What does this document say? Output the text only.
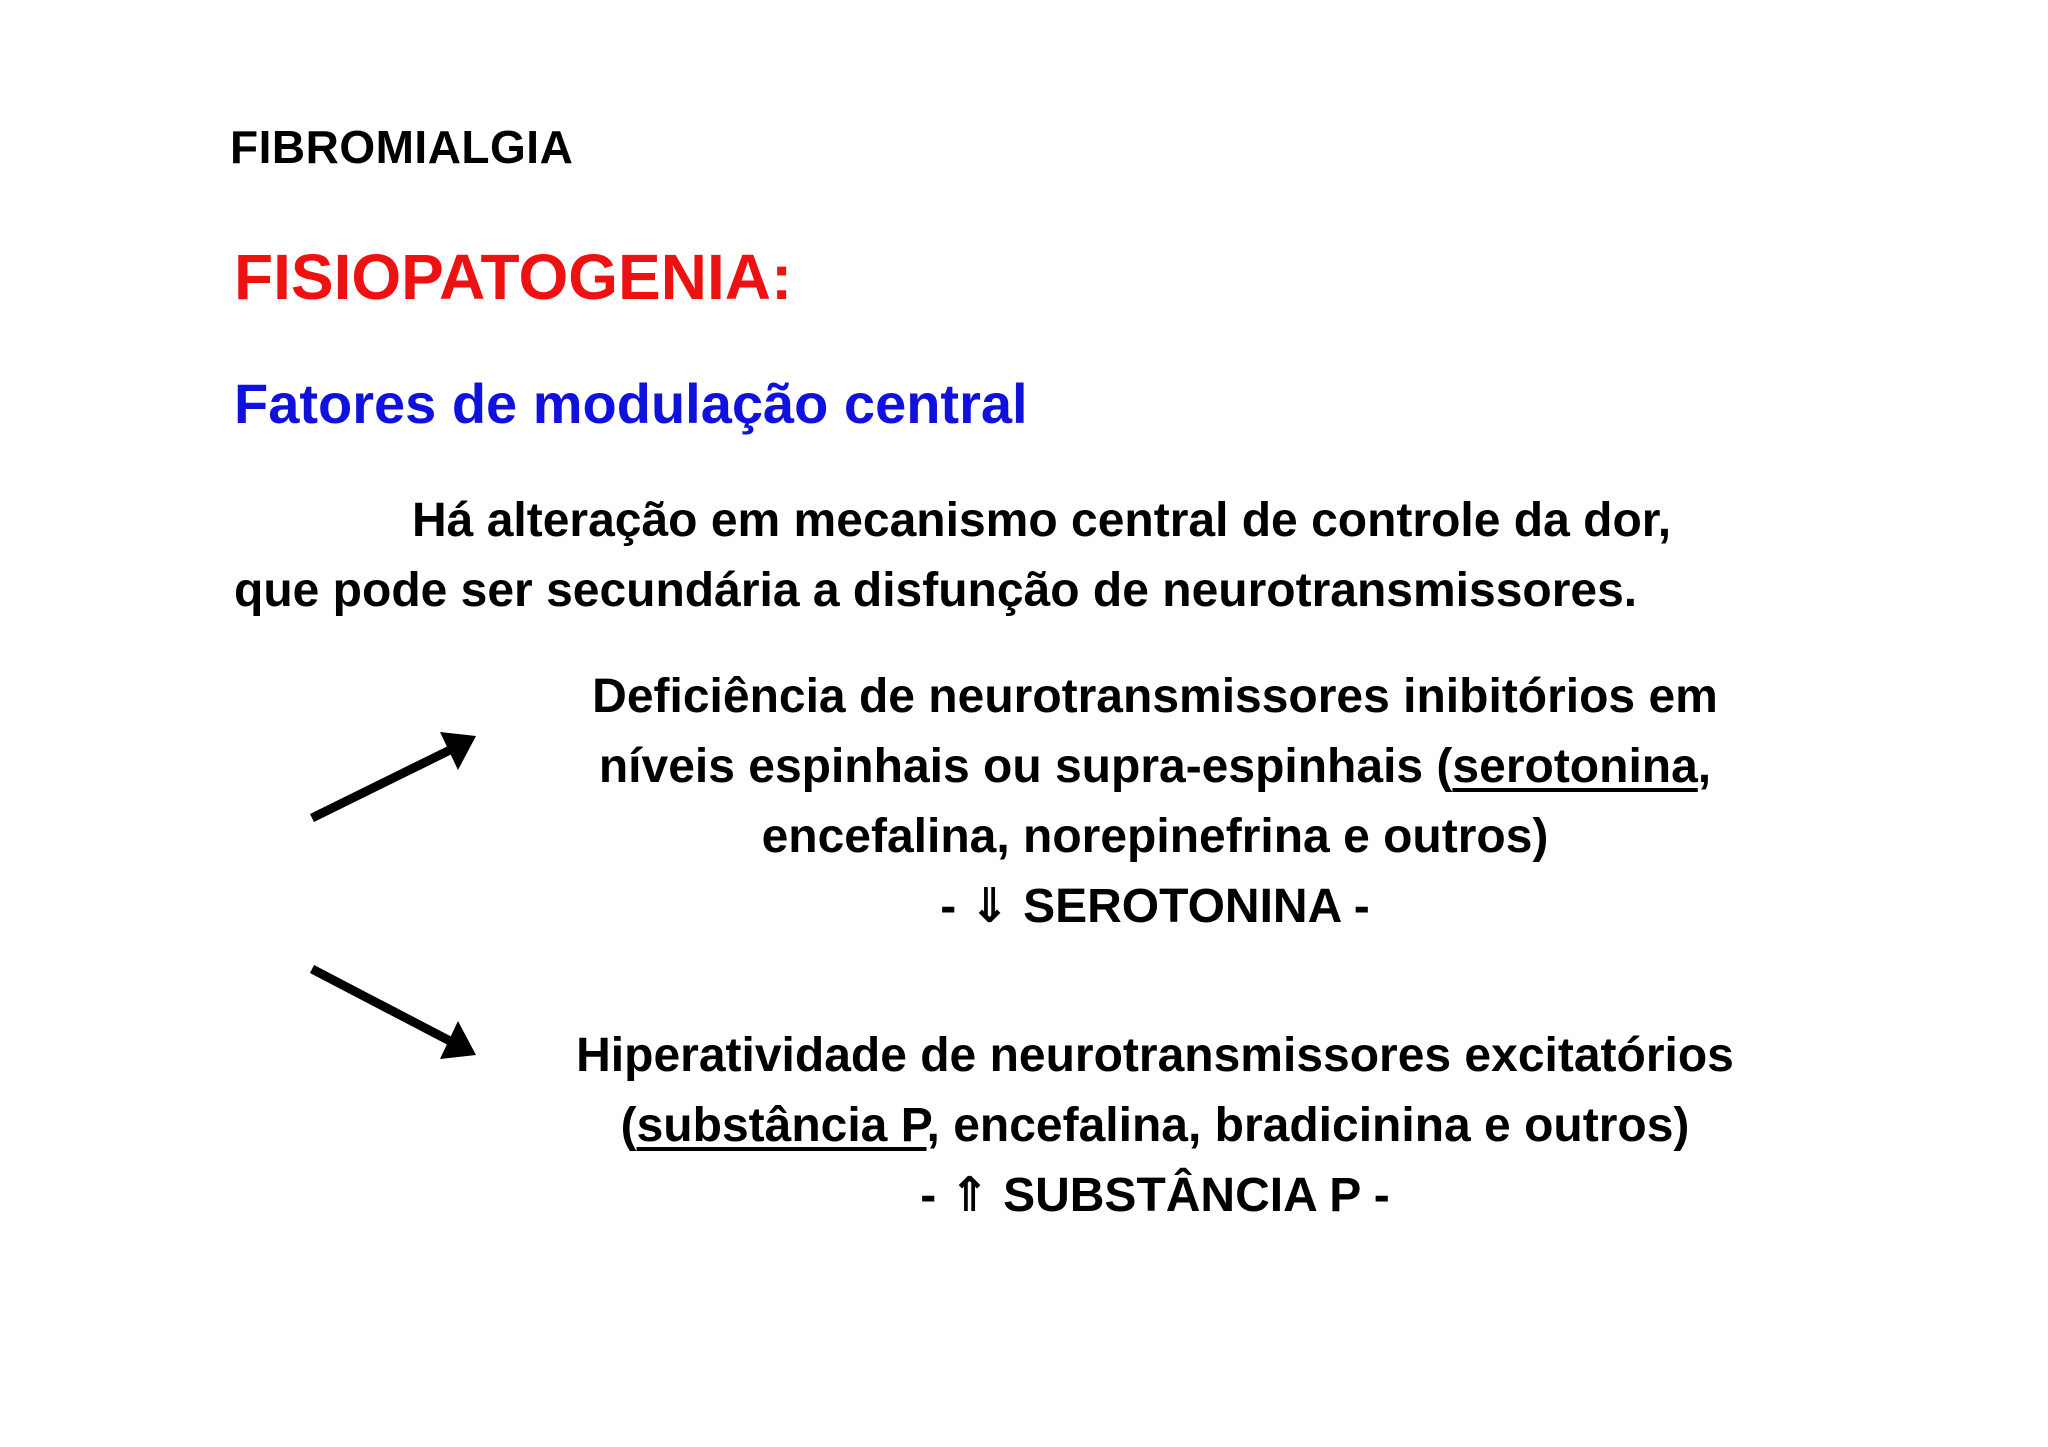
FIBROMIALGIA
FISIOPATOGENIA:
Fatores de modulação central
Há alteração em mecanismo central de controle da dor,
que pode ser secundária a disfunção de neurotransmissores.
Deficiência de neurotransmissores inibitórios em
níveis espinhais ou supra-espinhais (serotonina,
encefalina, norepinefrina e outros)
- ⇓ SEROTONINA -
Hiperatividade de neurotransmissores excitatórios
(substância P, encefalina, bradicinina e outros)
- ⇑ SUBSTÂNCIA P -
